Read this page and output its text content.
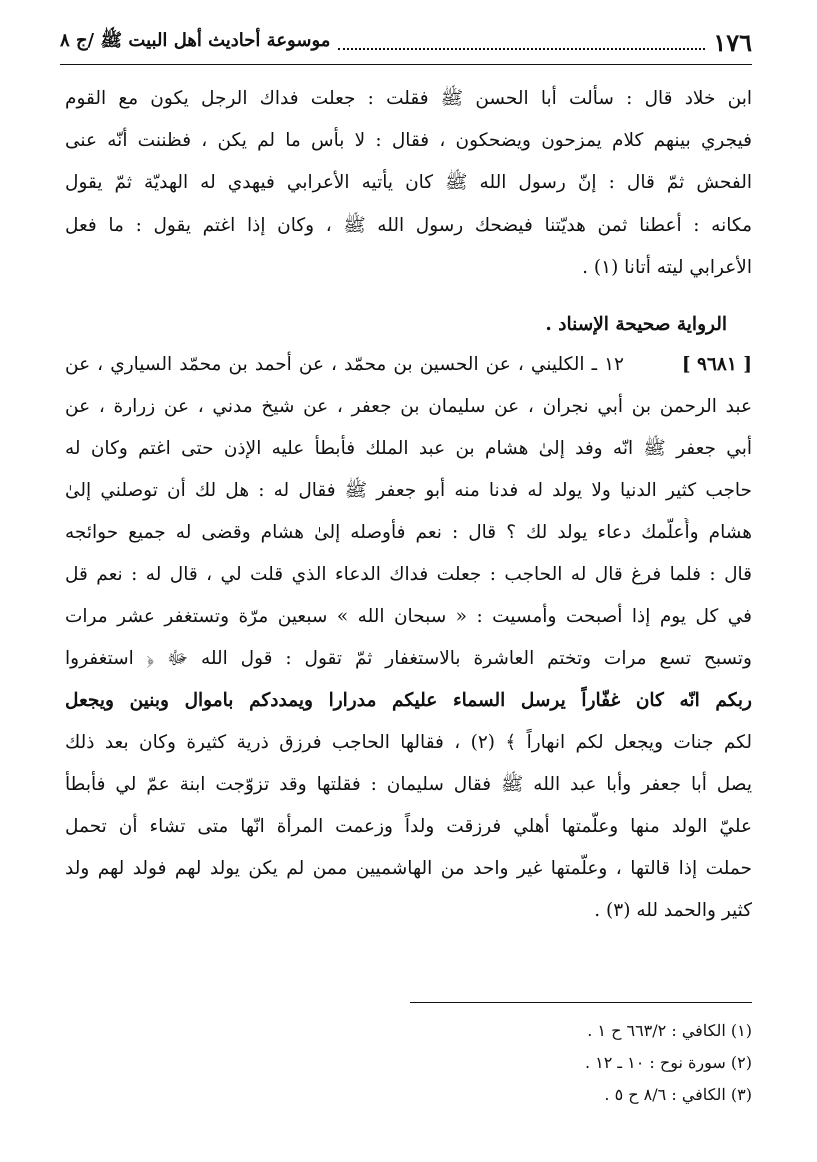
١٧٦
موسوعة أحاديث أهل البيت ﷺ /ج ٨
ابن خلاد قال : سألت أبا الحسن ﷺ فقلت : جعلت فداك الرجل يكون مع القوم
فيجري بينهم كلام يمزحون ويضحكون ، فقال : لا بأس ما لم يكن ، فظننت أنّه عنى
الفحش ثمّ قال : إنّ رسول الله ﷺ كان يأتيه الأعرابي فيهدي له الهديّة ثمّ يقول
مكانه : أعطنا ثمن هديّتنا فيضحك رسول الله ﷺ ، وكان إذا اغتم يقول : ما فعل
الأعرابي ليته أتانا (١) .
الرواية صحيحة الإسناد .
[ ٩٦٨١ ]
١٢ ـ الكليني ، عن الحسين بن محمّد ، عن أحمد بن محمّد السياري ، عن
عبد الرحمن بن أبي نجران ، عن سليمان بن جعفر ، عن شيخ مدني ، عن زرارة ، عن
أبي جعفر ﷺ انّه وفد إلىٰ هشام بن عبد الملك فأبطأ عليه الإذن حتى اغتم وكان له
حاجب كثير الدنيا ولا يولد له فدنا منه أبو جعفر ﷺ فقال له : هل لك أن توصلني إلىٰ
هشام وأُعلّمك دعاء يولد لك ؟ قال : نعم فأوصله إلىٰ هشام وقضى له جميع حوائجه
قال : فلما فرغ قال له الحاجب : جعلت فداك الدعاء الذي قلت لي ، قال له : نعم قل
في كل يوم إذا أصبحت وأمسيت : « سبحان الله » سبعين مرّة وتستغفر عشر مرات
وتسبح تسع مرات وتختم العاشرة بالاستغفار ثمّ تقول : قول الله ﷻ ﴿ استغفروا
ربكم انّه كان غفّاراً يرسل السماء عليكم مدرارا ويمددكم باموال وبنين ويجعل
لكم جنات ويجعل لكم انهاراً ﴾ (٢) ، فقالها الحاجب فرزق ذرية كثيرة وكان بعد ذلك
يصل أبا جعفر وأبا عبد الله ﷺ فقال سليمان : فقلتها وقد تزوّجت ابنة عمّ لي فأبطأ
عليّ الولد منها وعلّمتها أهلي فرزقت ولداً وزعمت المرأة انّها متى تشاء أن تحمل
حملت إذا قالتها ، وعلّمتها غير واحد من الهاشميين ممن لم يكن يولد لهم فولد لهم ولد
كثير والحمد لله (٣) .
(١) الكافي : ٦٦٣/٢ ح ١ .
(٢) سورة نوح : ١٠ ـ ١٢ .
(٣) الكافي : ٨/٦ ح ٥ .
